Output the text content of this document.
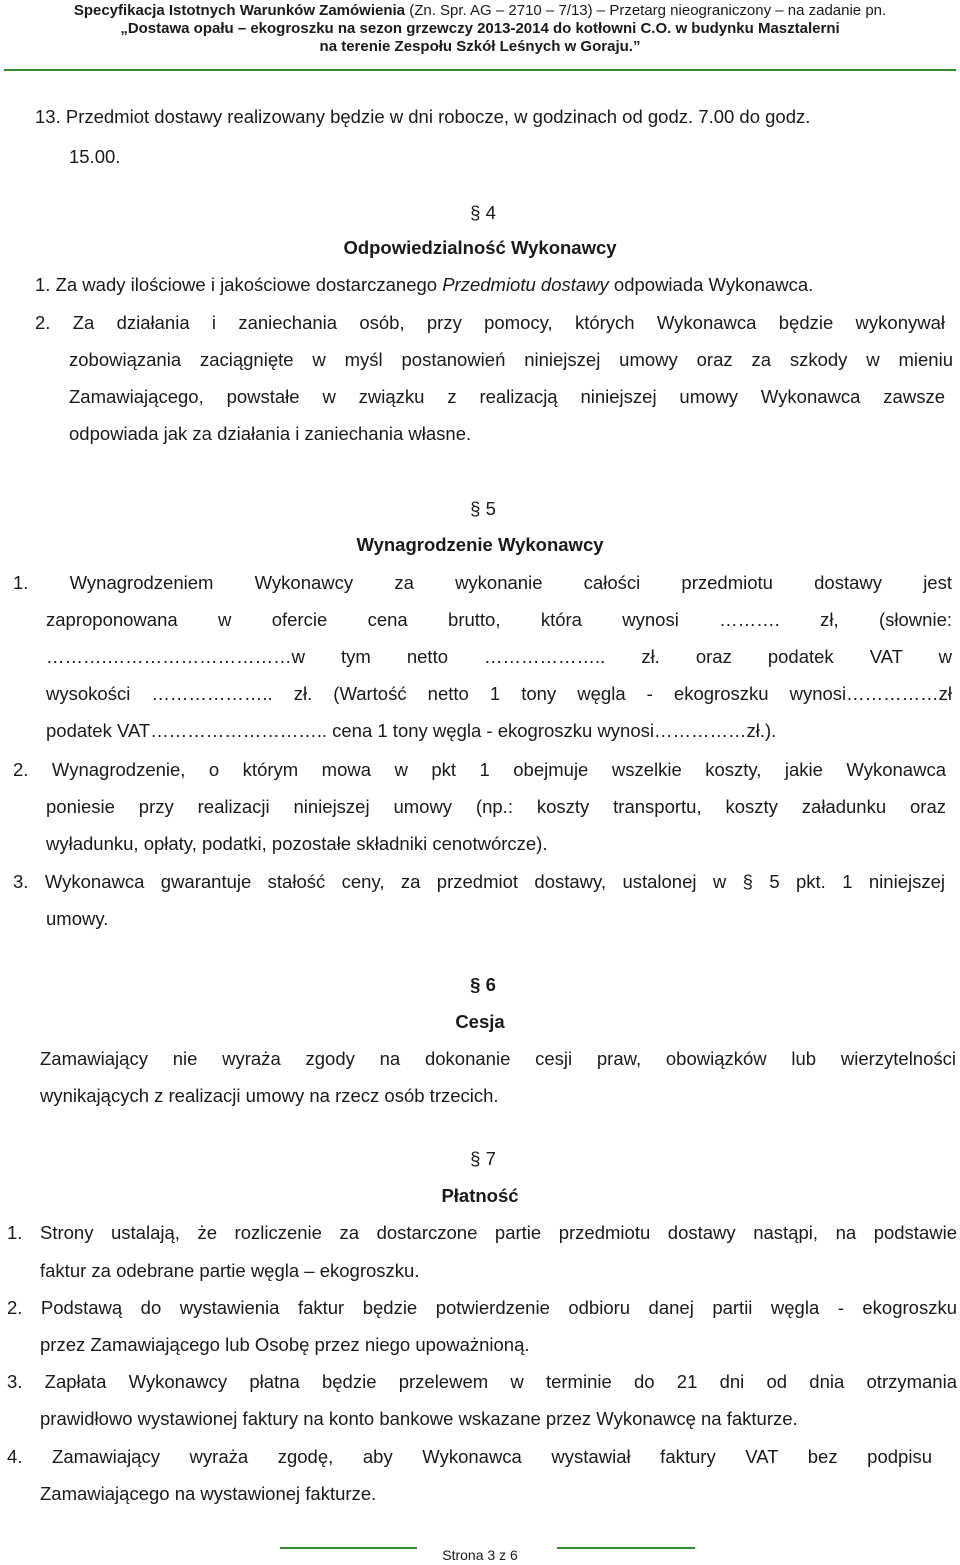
Specyfikacja Istotnych Warunków Zamówienia (Zn. Spr. AG – 2710 – 7/13) – Przetarg nieograniczony – na zadanie pn.
„Dostawa opału – ekogroszku na sezon grzewczy 2013-2014 do kotłowni C.O. w budynku Masztalerni
na terenie Zespołu Szkół Leśnych w Goraju.”
13. Przedmiot dostawy realizowany będzie w dni robocze, w godzinach od godz. 7.00 do godz.
15.00.
§ 4
Odpowiedzialność Wykonawcy
1. Za wady ilościowe i jakościowe dostarczanego Przedmiotu dostawy odpowiada Wykonawca.
2. Za działania i zaniechania osób, przy pomocy, których Wykonawca będzie wykonywał
zobowiązania zaciągnięte w myśl postanowień niniejszej umowy oraz za szkody w mieniu
Zamawiającego, powstałe w związku z realizacją niniejszej umowy Wykonawca zawsze
odpowiada jak za działania i zaniechania własne.
§ 5
Wynagrodzenie Wykonawcy
1. Wynagrodzeniem Wykonawcy za wykonanie całości przedmiotu dostawy jest
zaproponowana w ofercie cena brutto, która wynosi ………. zł, (słownie:
……….…………………………w tym netto ……………….. zł. oraz podatek VAT w
wysokości ……………….. zł. (Wartość netto 1 tony węgla - ekogroszku wynosi……………zł
podatek VAT……………………….. cena 1 tony węgla - ekogroszku wynosi……………zł.).
2. Wynagrodzenie, o którym mowa w pkt 1 obejmuje wszelkie koszty, jakie Wykonawca
poniesie przy realizacji niniejszej umowy (np.: koszty transportu, koszty załadunku oraz
wyładunku, opłaty, podatki, pozostałe składniki cenotwórcze).
3. Wykonawca gwarantuje stałość ceny, za przedmiot dostawy, ustalonej w § 5 pkt. 1 niniejszej
umowy.
§ 6
Cesja
Zamawiający nie wyraża zgody na dokonanie cesji praw, obowiązków lub wierzytelności
wynikających z realizacji umowy na rzecz osób trzecich.
§ 7
Płatność
1. Strony ustalają, że rozliczenie za dostarczone partie przedmiotu dostawy nastąpi, na podstawie
faktur za odebrane partie węgla – ekogroszku.
2. Podstawą do wystawienia faktur będzie potwierdzenie odbioru danej partii węgla - ekogroszku
przez Zamawiającego lub Osobę przez niego upoważnioną.
3. Zapłata Wykonawcy płatna będzie przelewem w terminie do 21 dni od dnia otrzymania
prawidłowo wystawionej faktury na konto bankowe wskazane przez Wykonawcę na fakturze.
4. Zamawiający wyraża zgodę, aby Wykonawca wystawiał faktury VAT bez podpisu
Zamawiającego na wystawionej fakturze.
Strona 3 z 6
